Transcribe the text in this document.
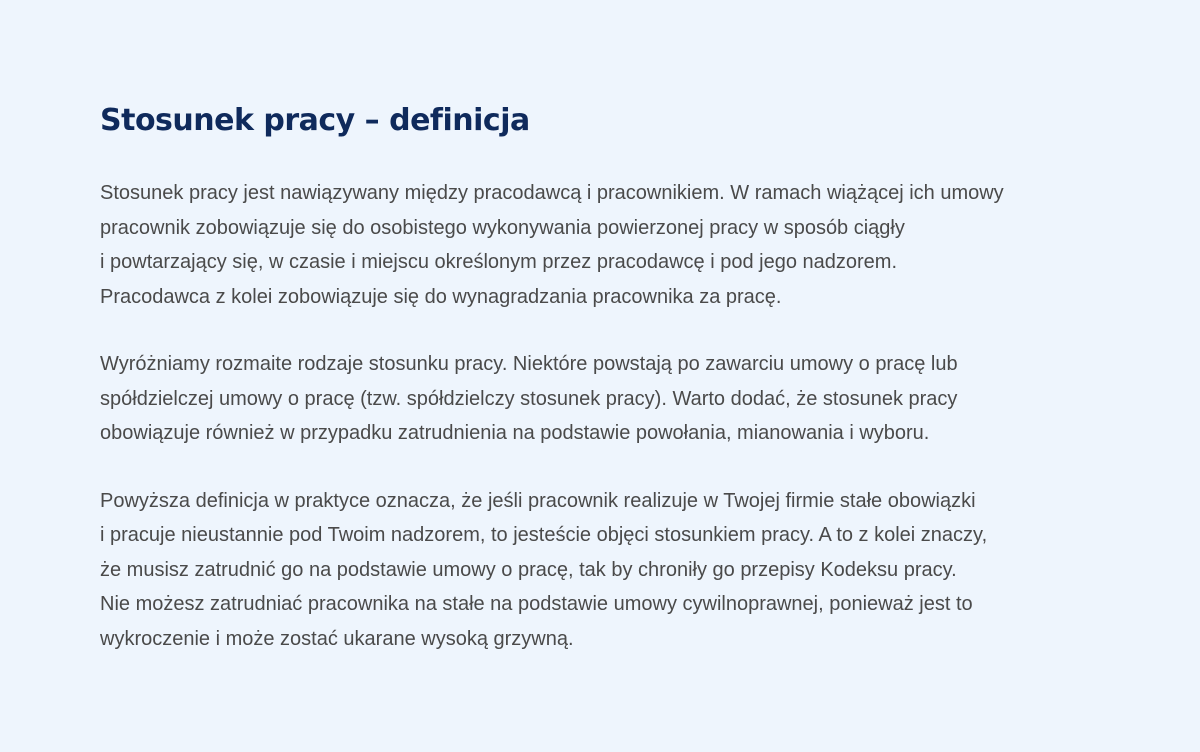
Stosunek pracy – definicja

Stosunek pracy jest nawiązywany między pracodawcą i pracownikiem. W ramach wiążącej ich umowy
pracownik zobowiązuje się do osobistego wykonywania powierzonej pracy w sposób ciągły
i powtarzający się, w czasie i miejscu określonym przez pracodawcę i pod jego nadzorem.
Pracodawca z kolei zobowiązuje się do wynagradzania pracownika za pracę.

Wyróżniamy rozmaite rodzaje stosunku pracy. Niektóre powstają po zawarciu umowy o pracę lub
spółdzielczej umowy o pracę (tzw. spółdzielczy stosunek pracy). Warto dodać, że stosunek pracy
obowiązuje również w przypadku zatrudnienia na podstawie powołania, mianowania i wyboru.

Powyższa definicja w praktyce oznacza, że jeśli pracownik realizuje w Twojej firmie stałe obowiązki
i pracuje nieustannie pod Twoim nadzorem, to jesteście objęci stosunkiem pracy. A to z kolei znaczy,
że musisz zatrudnić go na podstawie umowy o pracę, tak by chroniły go przepisy Kodeksu pracy.
Nie możesz zatrudniać pracownika na stałe na podstawie umowy cywilnoprawnej, ponieważ jest to
wykroczenie i może zostać ukarane wysoką grzywną.
